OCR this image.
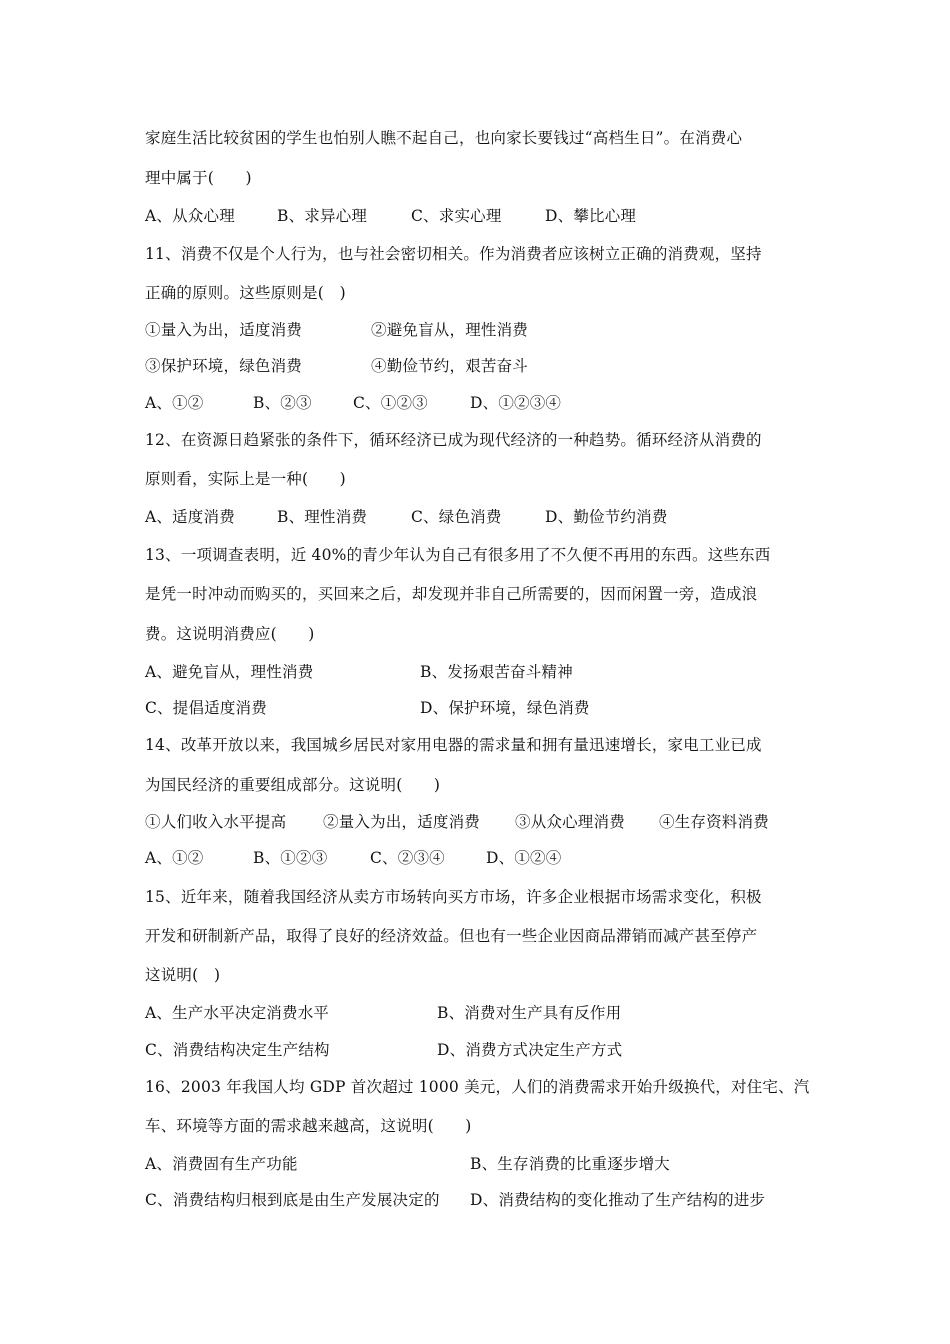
家庭生活比较贫困的学生也怕别人瞧不起自己，也向家长要钱过“高档生日”。在消费心
理中属于(　　)
A、从众心理	B、求异心理	C、求实心理	D、攀比心理
11、消费不仅是个人行为，也与社会密切相关。作为消费者应该树立正确的消费观，坚持
正确的原则。这些原则是(　)
①量入为出，适度消费	②避免盲从，理性消费
③保护环境，绿色消费	④勤俭节约，艰苦奋斗
A、①②	B、②③	C、①②③	D、①②③④
12、在资源日趋紧张的条件下，循环经济已成为现代经济的一种趋势。循环经济从消费的
原则看，实际上是一种(　　)
A、适度消费	B、理性消费	C、绿色消费	D、勤俭节约消费
13、一项调查表明，近 40%的青少年认为自己有很多用了不久便不再用的东西。这些东西
是凭一时冲动而购买的，买回来之后，却发现并非自己所需要的，因而闲置一旁，造成浪
费。这说明消费应(　　)
A、避免盲从，理性消费	B、发扬艰苦奋斗精神
C、提倡适度消费	D、保护环境，绿色消费
14、改革开放以来，我国城乡居民对家用电器的需求量和拥有量迅速增长，家电工业已成
为国民经济的重要组成部分。这说明(　　)
①人们收入水平提高 ②量入为出，适度消费 ③从众心理消费 ④生存资料消费
A、①②	B、①②③	C、②③④	D、①②④
15、近年来，随着我国经济从卖方市场转向买方市场，许多企业根据市场需求变化，积极
开发和研制新产品，取得了良好的经济效益。但也有一些企业因商品滞销而减产甚至停产
这说明(　)
A、生产水平决定消费水平	B、消费对生产具有反作用
C、消费结构决定生产结构	D、消费方式决定生产方式
16、2003 年我国人均 GDP 首次超过 1000 美元，人们的消费需求开始升级换代，对住宅、汽
车、环境等方面的需求越来越高，这说明(　　)
A、消费固有生产功能	B、生存消费的比重逐步增大
C、消费结构归根到底是由生产发展决定的 D、消费结构的变化推动了生产结构的进步
